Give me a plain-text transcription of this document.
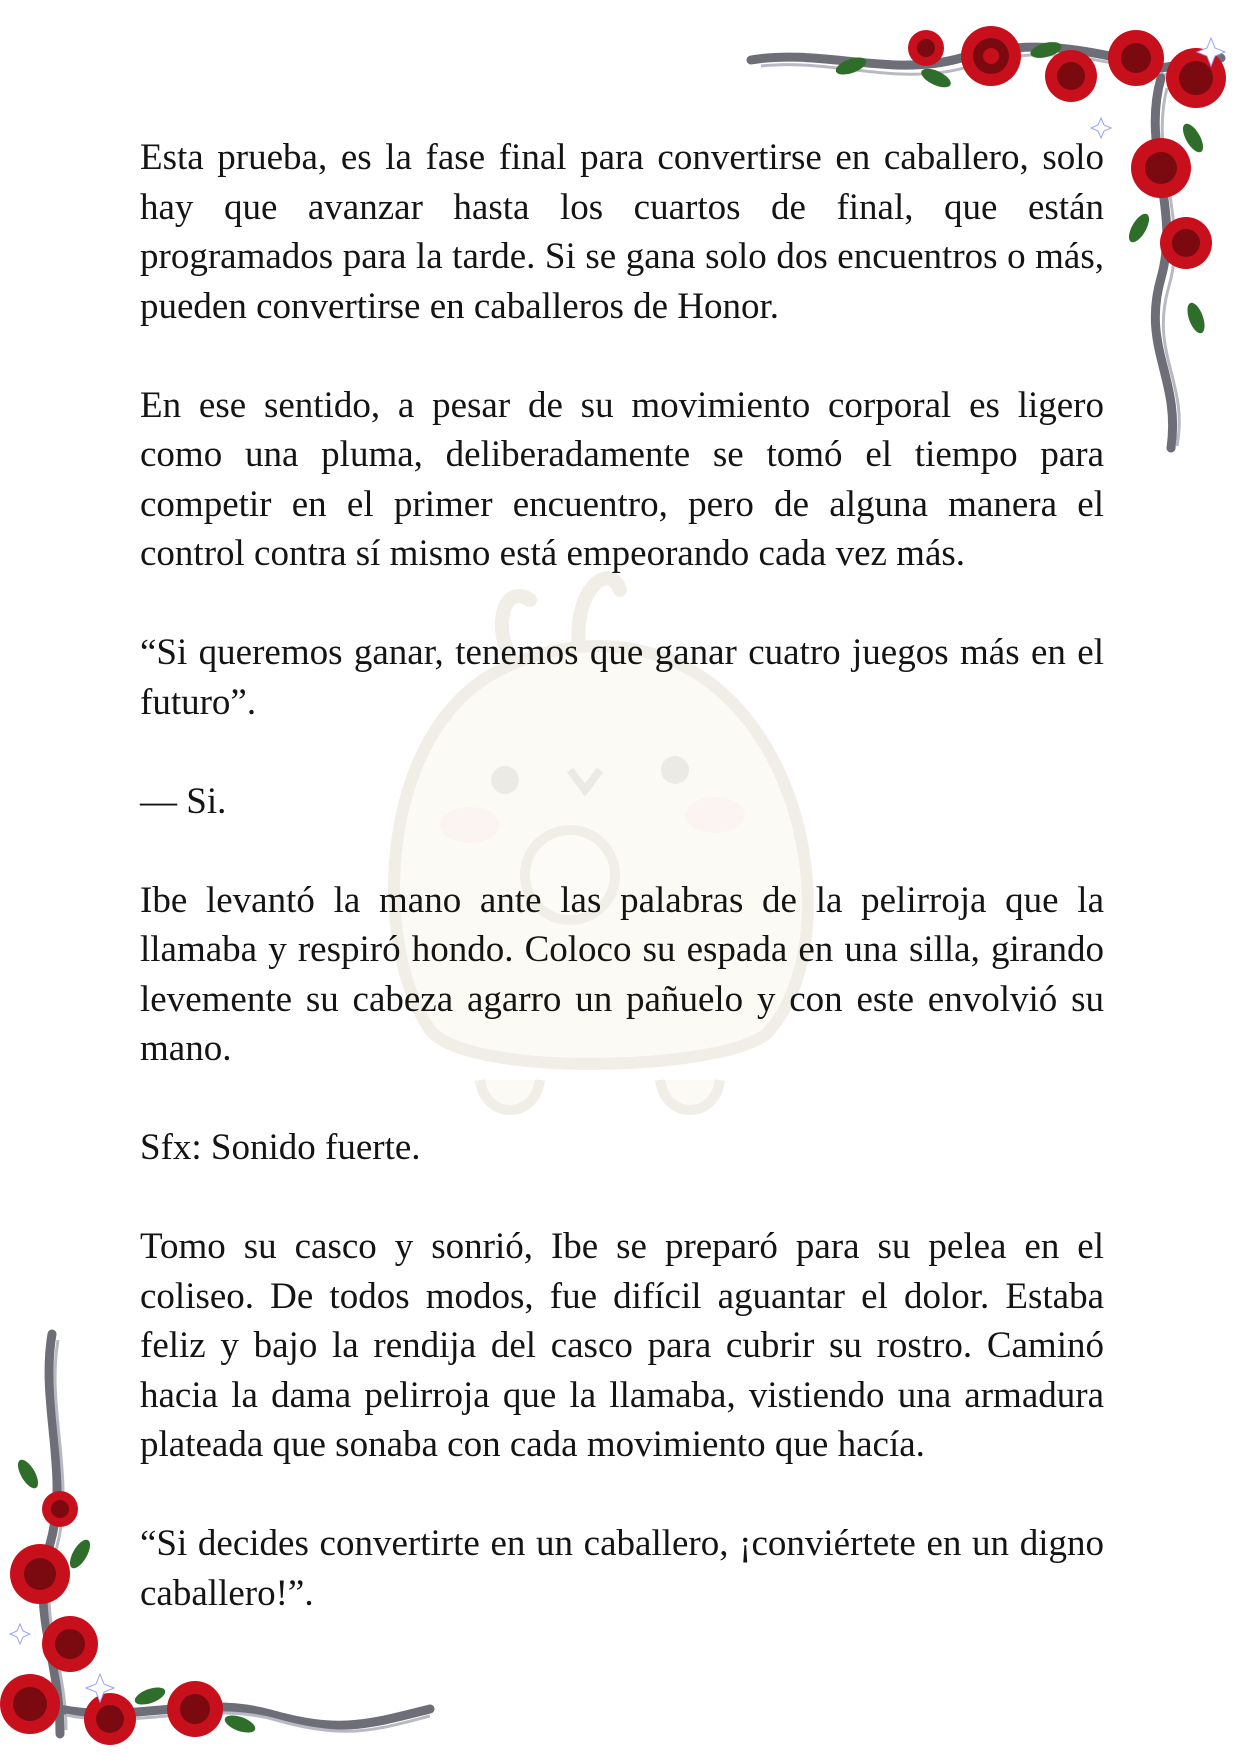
Esta prueba, es la fase final para convertirse en caballero, solo hay que avanzar hasta los cuartos de final, que están programados para la tarde. Si se gana solo dos encuentros o más, pueden convertirse en caballeros de Honor.

En ese sentido, a pesar de su movimiento corporal es ligero como una pluma, deliberadamente se tomó el tiempo para competir en el primer encuentro, pero de alguna manera el control contra sí mismo está empeorando cada vez más.

“Si queremos ganar, tenemos que ganar cuatro juegos más en el futuro”.

— Si.

Ibe levantó la mano ante las palabras de la pelirroja que la llamaba y respiró hondo. Coloco su espada en una silla, girando levemente su cabeza agarro un pañuelo y con este envolvió su mano.

Sfx: Sonido fuerte.

Tomo su casco y sonrió, Ibe se preparó para su pelea en el coliseo. De todos modos, fue difícil aguantar el dolor. Estaba feliz y bajo la rendija del casco para cubrir su rostro. Caminó hacia la dama pelirroja que la llamaba, vistiendo una armadura plateada que sonaba con cada movimiento que hacía.

“Si decides convertirte en un caballero, ¡conviértete en un digno caballero!”.
